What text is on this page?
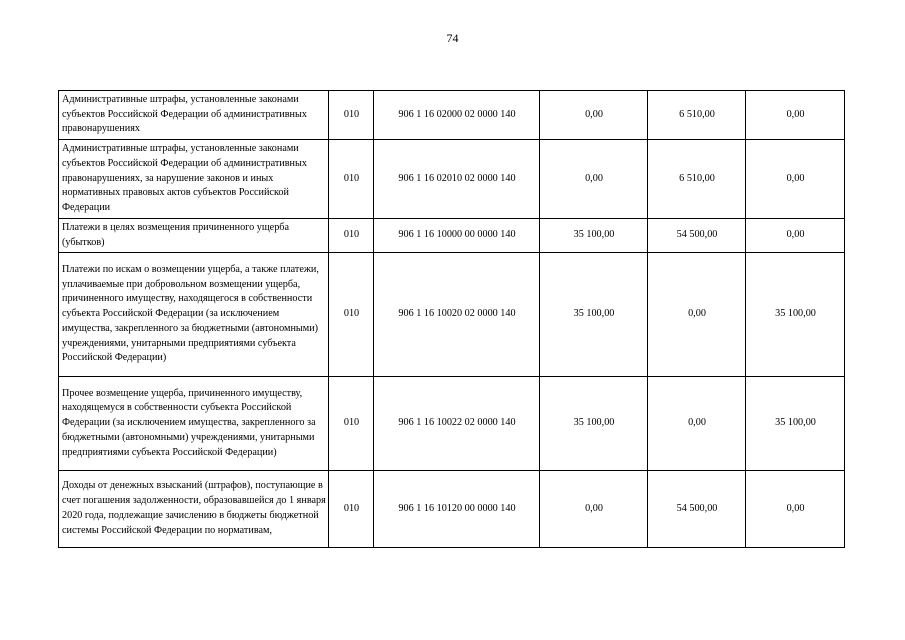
74
Административные штрафы, установленные законами субъектов Российской Федерации об административных правонарушениях	010	906 1 16 02000 02 0000 140	0,00	6 510,00	0,00
Административные штрафы, установленные законами субъектов Российской Федерации об административных правонарушениях, за нарушение законов и иных нормативных правовых актов субъектов Российской Федерации	010	906 1 16 02010 02 0000 140	0,00	6 510,00	0,00
Платежи в целях возмещения причиненного ущерба (убытков)	010	906 1 16 10000 00 0000 140	35 100,00	54 500,00	0,00
Платежи по искам о возмещении ущерба, а также платежи, уплачиваемые при добровольном возмещении ущерба, причиненного имуществу, находящегося в собственности субъекта Российской Федерации (за исключением имущества, закрепленного за бюджетными (автономными) учреждениями, унитарными предприятиями субъекта Российской Федерации)	010	906 1 16 10020 02 0000 140	35 100,00	0,00	35 100,00
Прочее возмещение ущерба, причиненного имуществу, находящемуся в собственности субъекта Российской Федерации (за исключением имущества, закрепленного за бюджетными (автономными) учреждениями, унитарными предприятиями субъекта Российской Федерации)	010	906 1 16 10022 02 0000 140	35 100,00	0,00	35 100,00
Доходы от денежных взысканий (штрафов), поступающие в счет погашения задолженности, образовавшейся до 1 января 2020 года, подлежащие зачислению в бюджеты бюджетной системы Российской Федерации по нормативам,	010	906 1 16 10120 00 0000 140	0,00	54 500,00	0,00
